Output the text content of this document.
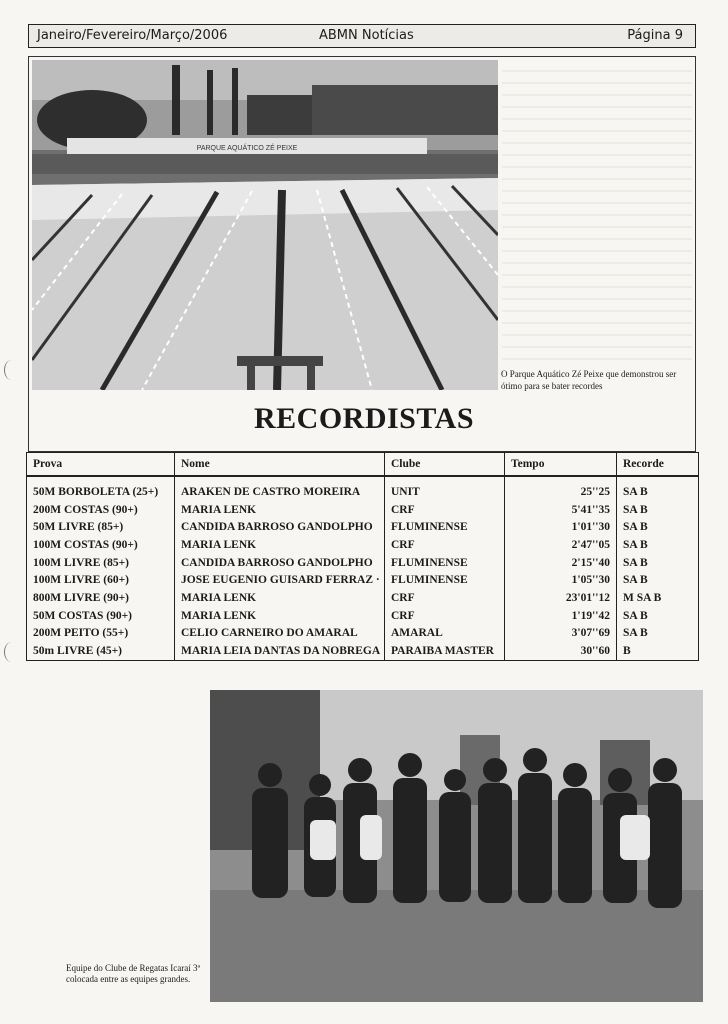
Janeiro/Fevereiro/Março/2006	ABMN Notícias	Página 9
PARQUE AQUÁTICO ZÉ PEIXE
O Parque Aquático Zé Peixe que demonstrou ser ótimo para se bater recordes
RECORDISTAS
Prova	Nome	Clube	Tempo	Recorde
50M BORBOLETA (25+)	ARAKEN DE CASTRO MOREIRA	UNIT	25''25	SA B
200M COSTAS (90+)	MARIA LENK	CRF	5'41''35	SA B
50M LIVRE (85+)	CANDIDA BARROSO GANDOLPHO	FLUMINENSE	1'01''30	SA B
100M COSTAS (90+)	MARIA LENK	CRF	2'47''05	SA B
100M LIVRE (85+)	CANDIDA BARROSO GANDOLPHO	FLUMINENSE	2'15''40	SA B
100M LIVRE (60+)	JOSE EUGENIO GUISARD FERRAZ ·	FLUMINENSE	1'05''30	SA B
800M LIVRE (90+)	MARIA LENK	CRF	23'01''12	M SA B
50M COSTAS (90+)	MARIA LENK	CRF	1'19''42	SA B
200M PEITO (55+)	CELIO CARNEIRO DO AMARAL	AMARAL	3'07''69	SA B
50m LIVRE (45+)	MARIA LEIA DANTAS DA NOBREGA	PARAIBA MASTER	30''60	B
Equipe do Clube de Regatas Icaraí 3ª colocada entre as equipes grandes.
